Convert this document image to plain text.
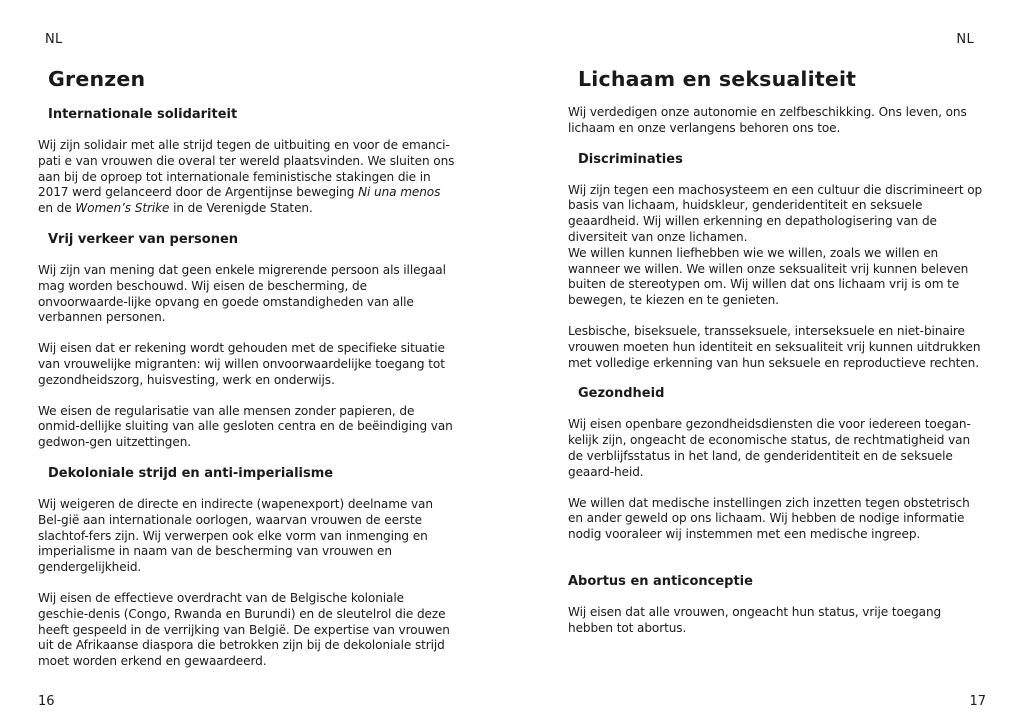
NL
Grenzen
Internationale solidariteit

Wij zijn solidair met alle strijd tegen de uitbuiting en voor de emanci-pati e van vrouwen die overal ter wereld plaatsvinden. We sluiten ons aan bij de oproep tot internationale feministische stakingen die in 2017 werd gelanceerd door de Argentijnse beweging Ni una menos en de Women’s Strike in de Verenigde Staten.

Vrij verkeer van personen

Wij zijn van mening dat geen enkele migrerende persoon als illegaal mag worden beschouwd. Wij eisen de bescherming, de onvoorwaarde-lijke opvang en goede omstandigheden van alle verbannen personen.

Wij eisen dat er rekening wordt gehouden met de specifieke situatie van vrouwelijke migranten: wij willen onvoorwaardelijke toegang tot gezondheidszorg, huisvesting, werk en onderwijs.

We eisen de regularisatie van alle mensen zonder papieren, de onmid-dellijke sluiting van alle gesloten centra en de beëindiging van gedwon-gen uitzettingen.

Dekoloniale strijd en anti-imperialisme

Wij weigeren de directe en indirecte (wapenexport) deelname van Bel-gië aan internationale oorlogen, waarvan vrouwen de eerste slachtof-fers zijn. Wij verwerpen ook elke vorm van inmenging en imperialisme in naam van de bescherming van vrouwen en gendergelijkheid.

Wij eisen de effectieve overdracht van de Belgische koloniale geschie-denis (Congo, Rwanda en Burundi) en de sleutelrol die deze heeft gespeeld in de verrijking van België. De expertise van vrouwen uit de Afrikaanse diaspora die betrokken zijn bij de dekoloniale strijd moet worden erkend en gewaardeerd.

16
NL
Lichaam en seksualiteit

Wij verdedigen onze autonomie en zelfbeschikking. Ons leven, ons lichaam en onze verlangens behoren ons toe.

Discriminaties

Wij zijn tegen een machosysteem en een cultuur die discrimineert op basis van lichaam, huidskleur, genderidentiteit en seksuele geaardheid. Wij willen erkenning en depathologisering van de diversiteit van onze lichamen.

We willen kunnen liefhebben wie we willen, zoals we willen en wanneer we willen. We willen onze seksualiteit vrij kunnen beleven buiten de stereotypen om. Wij willen dat ons lichaam vrij is om te bewegen, te kiezen en te genieten.

Lesbische, biseksuele, transseksuele, interseksuele en niet-binaire vrouwen moeten hun identiteit en seksualiteit vrij kunnen uitdrukken met volledige erkenning van hun seksuele en reproductieve rechten.

Gezondheid

Wij eisen openbare gezondheidsdiensten die voor iedereen toegan-kelijk zijn, ongeacht de economische status, de rechtmatigheid van de verblijfsstatus in het land, de genderidentiteit en de seksuele geaard-heid.

We willen dat medische instellingen zich inzetten tegen obstetrisch en ander geweld op ons lichaam. Wij hebben de nodige informatie nodig vooraleer wij instemmen met een medische ingreep.

Abortus en anticonceptie

Wij eisen dat alle vrouwen, ongeacht hun status, vrije toegang hebben tot abortus.

17
